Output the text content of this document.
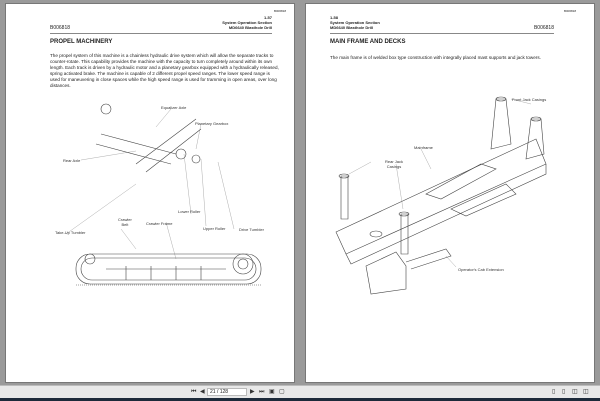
B006818
1-57
System Operation Section
MD6640 Blasthole Drill
B006818
PROPEL MACHINERY
The propel system of this machine is a chainless hydraulic drive system which will allow the separate tracks to counter-rotate. This capability provides the machine with the capacity to turn completely around within its own length. Each track is driven by a hydraulic motor and a planetary gearbox equipped with a hydraulically released, spring activated brake. The machine is capable of 2 different propel speed ranges. The lower speed range is used for maneuvering in close spaces while the high speed range is used for tramming in open areas, over long distances.
Equalizer Axle
Planetary Gearbox
Rear Axle
Lower Roller
Crawler
Belt	Crawler Frame
Upper Roller	Drive Tumbler
Take-Up Tumbler
B006818
1-58
System Operation Section
MD6640 Blasthole Drill	B006818
MAIN FRAME AND DECKS
The main frame is of welded box type construction with integrally placed mast supports and jack towers.
Front Jack Casings
Mainframe
Rear Jack
Casings
Operator's Cab Extension
⏮ ◀	21 / 128	▶ ⏭ ▣ ▢	▯ ▯ ◫ ◫
